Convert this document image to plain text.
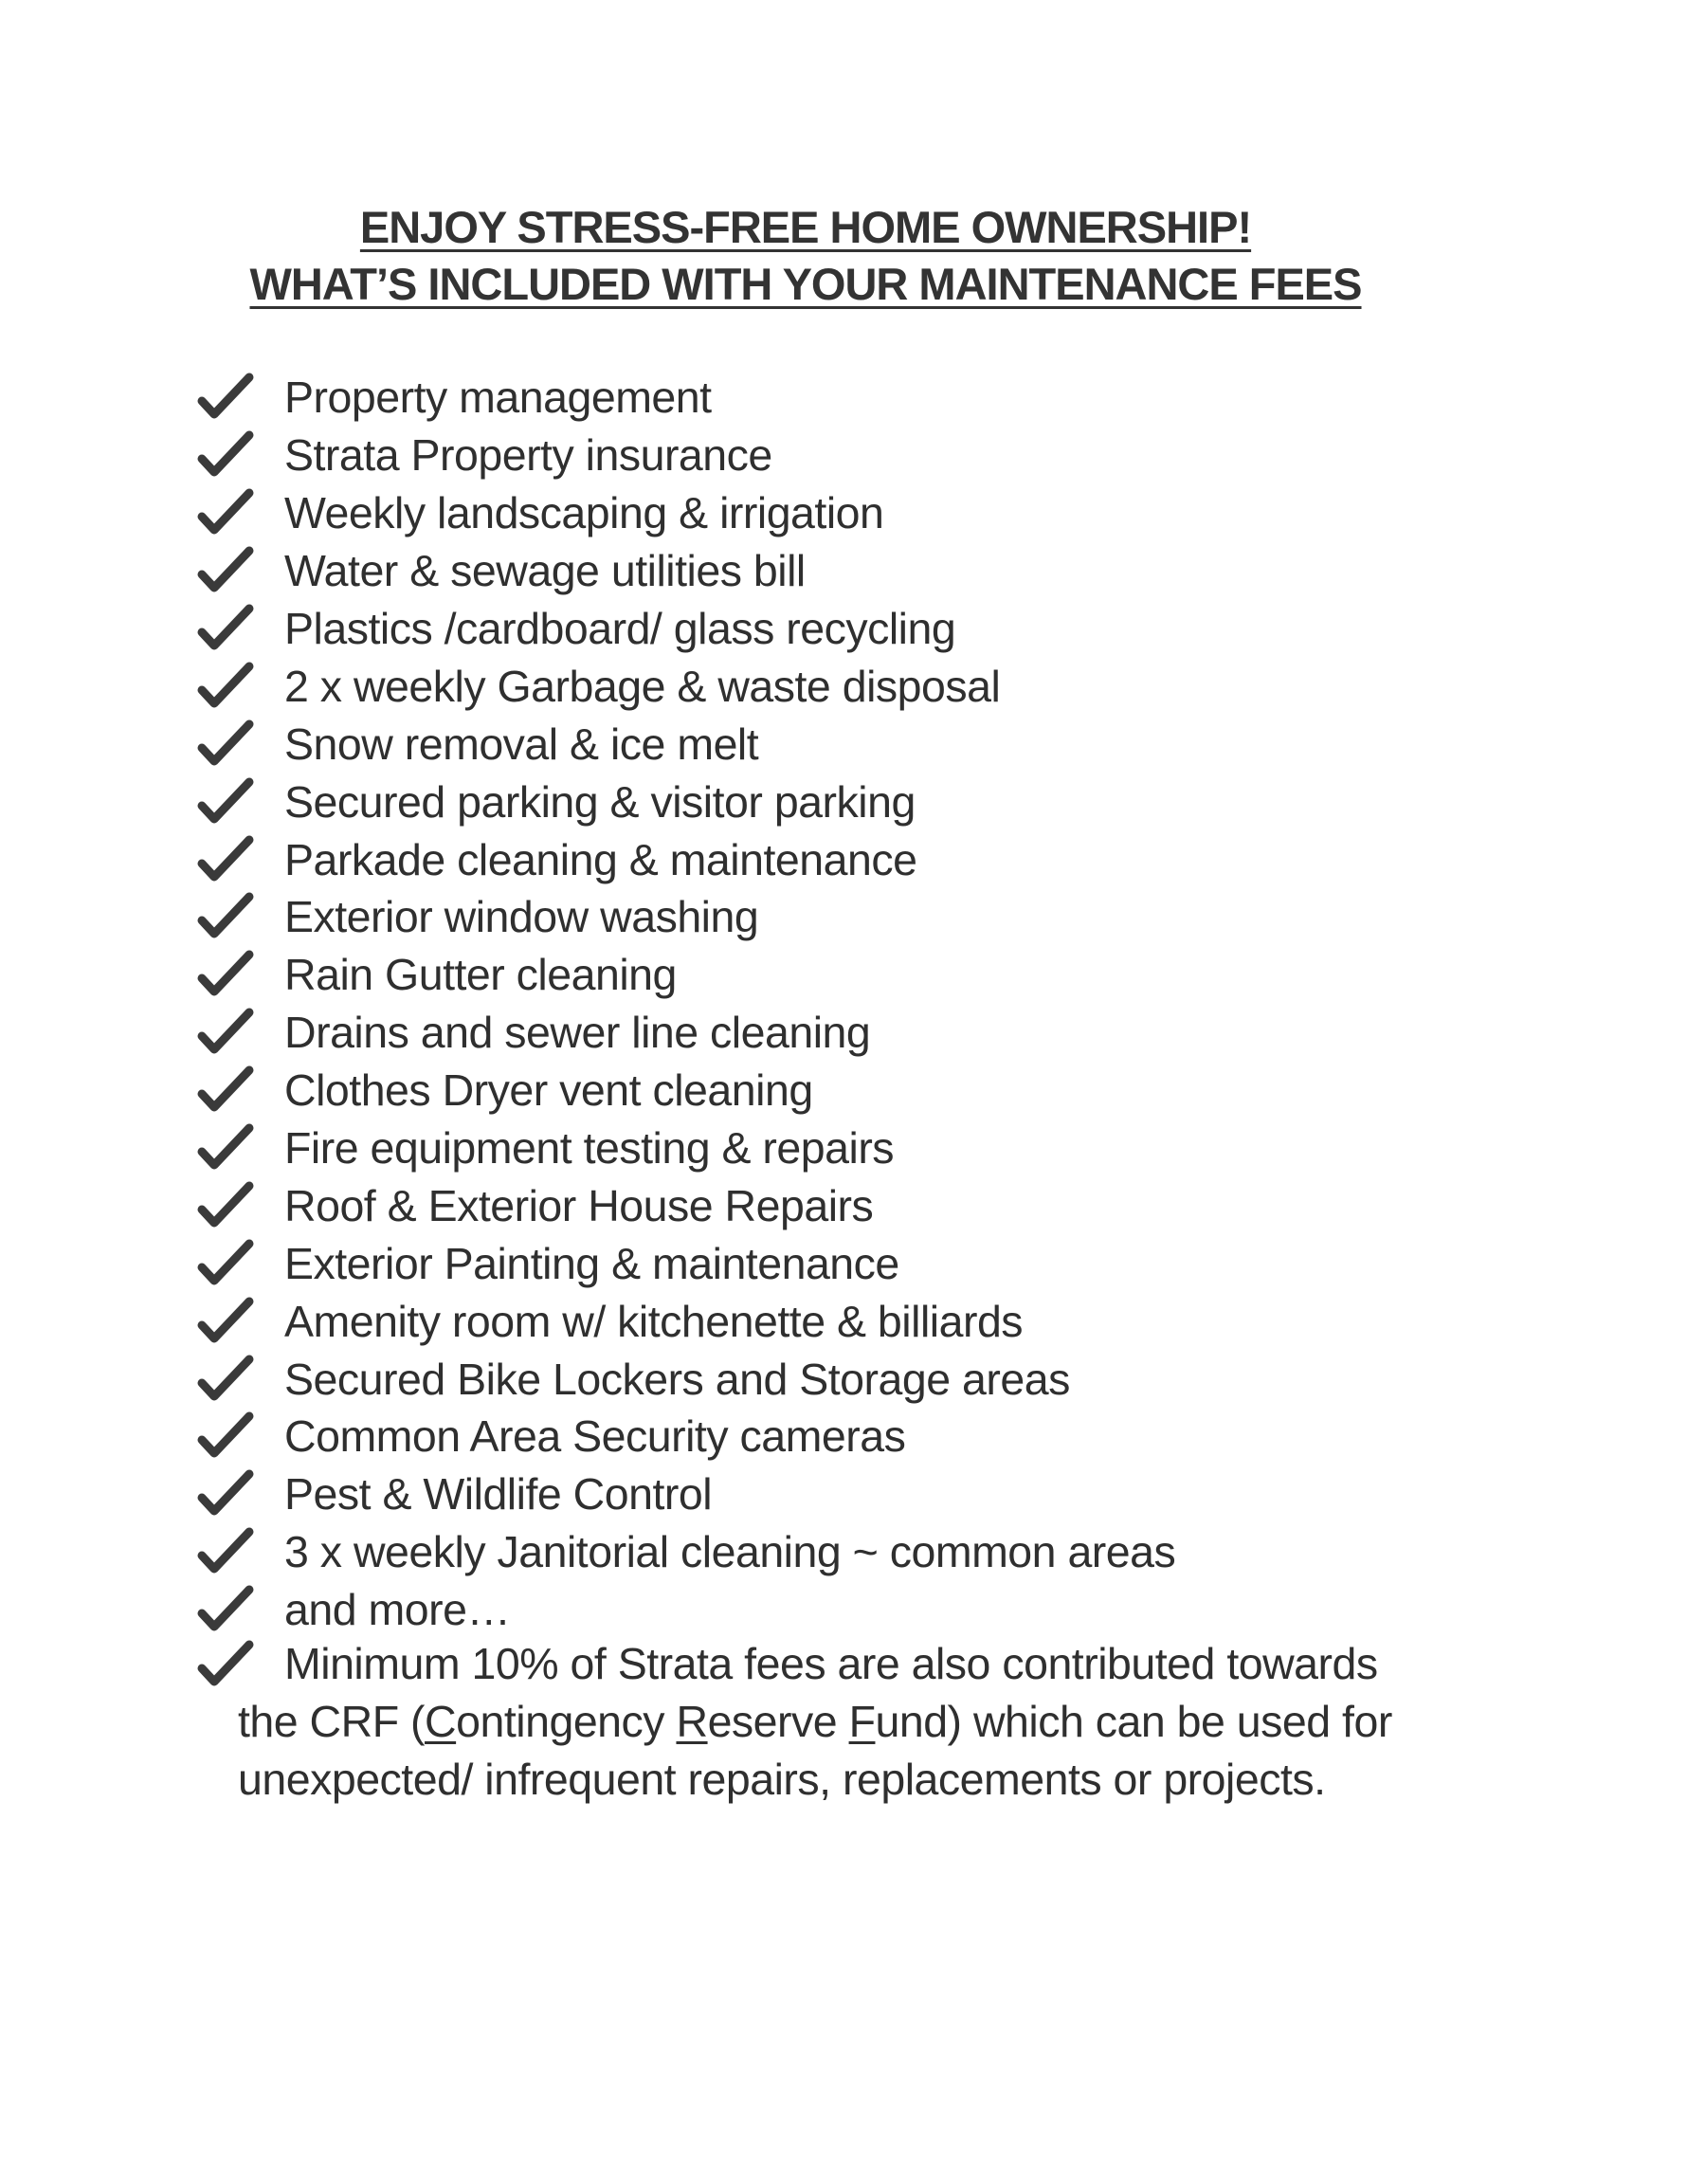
ENJOY STRESS-FREE HOME OWNERSHIP!
WHAT’S INCLUDED WITH YOUR MAINTENANCE FEES
Property management
Strata Property insurance
Weekly landscaping & irrigation
Water & sewage utilities bill
Plastics /cardboard/ glass recycling
2 x weekly Garbage & waste disposal
Snow removal & ice melt
Secured parking & visitor parking
Parkade cleaning & maintenance
Exterior window washing
Rain Gutter cleaning
Drains and sewer line cleaning
Clothes Dryer vent cleaning
Fire equipment testing & repairs
Roof & Exterior House Repairs
Exterior Painting & maintenance
Amenity room w/ kitchenette & billiards
Secured Bike Lockers and Storage areas
Common Area Security cameras
Pest & Wildlife Control
3 x weekly Janitorial cleaning ~ common areas
and more…
Minimum 10% of Strata fees are also contributed towards
the CRF (Contingency Reserve Fund) which can be used for
unexpected/ infrequent repairs, replacements or projects.
